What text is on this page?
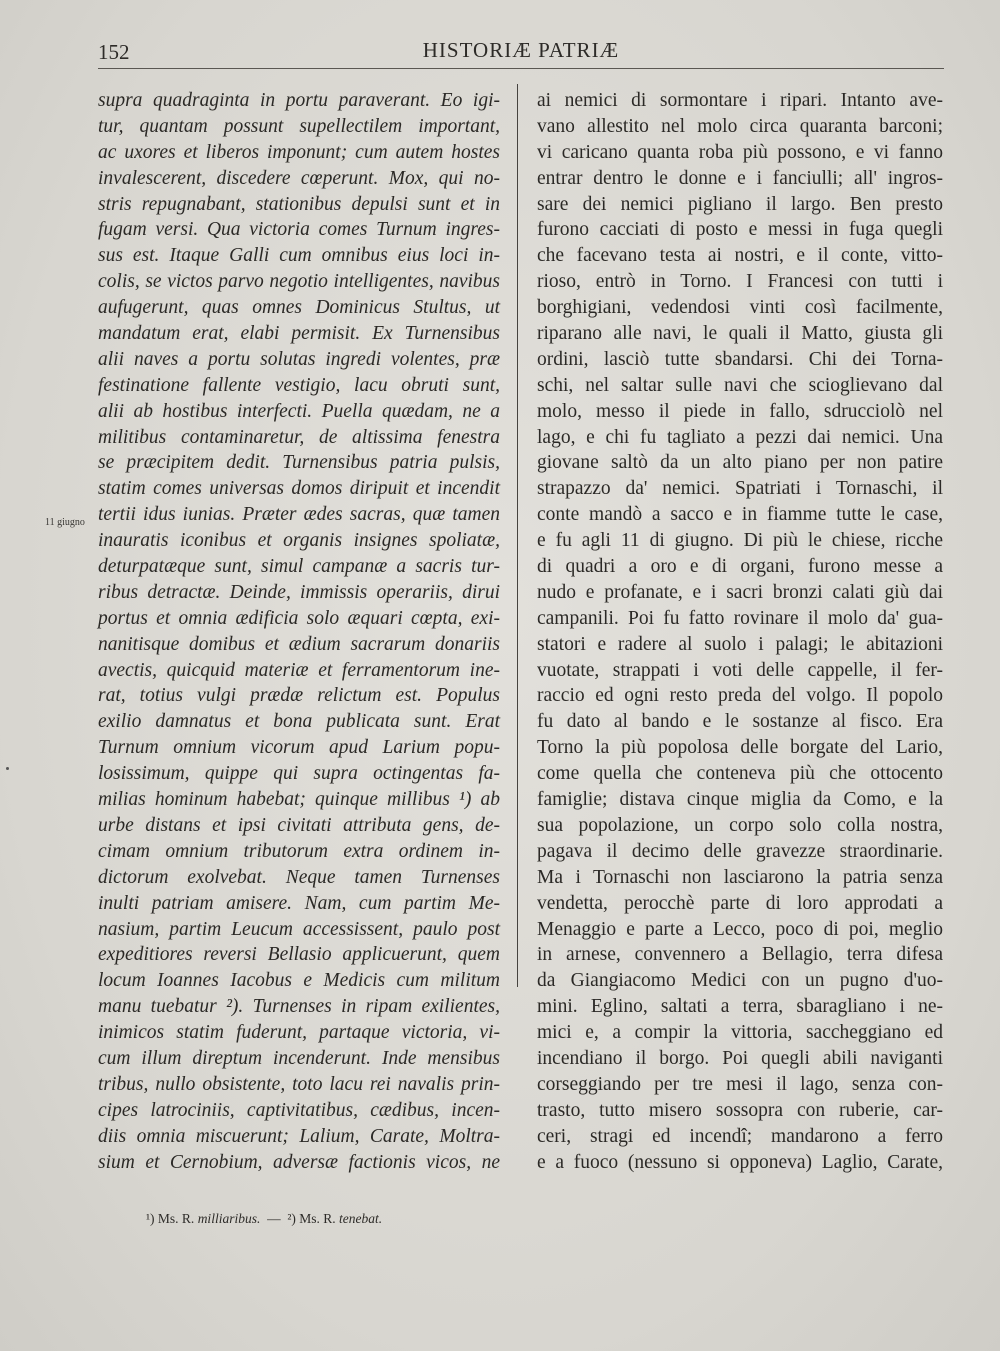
152	HISTORIÆ PATRIÆ
11 giugno
supra quadraginta in portu paraverant. Eo igi-
tur, quantam possunt supellectilem important,
ac uxores et liberos imponunt; cum autem hostes
invalescerent, discedere cœperunt. Mox, qui no-
stris repugnabant, stationibus depulsi sunt et in
fugam versi. Qua victoria comes Turnum ingres-
sus est. Itaque Galli cum omnibus eius loci in-
colis, se victos parvo negotio intelligentes, navibus
aufugerunt, quas omnes Dominicus Stultus, ut
mandatum erat, elabi permisit. Ex Turnensibus
alii naves a portu solutas ingredi volentes, præ
festinatione fallente vestigio, lacu obruti sunt,
alii ab hostibus interfecti. Puella quædam, ne a
militibus contaminaretur, de altissima fenestra
se præcipitem dedit. Turnensibus patria pulsis,
statim comes universas domos diripuit et incendit
tertii idus iunias. Præter ædes sacras, quæ tamen
inauratis iconibus et organis insignes spoliatæ,
deturpatæque sunt, simul campanæ a sacris tur-
ribus detractæ. Deinde, immissis operariis, dirui
portus et omnia ædificia solo æquari cœpta, exi-
nanitisque domibus et ædium sacrarum donariis
avectis, quicquid materiæ et ferramentorum ine-
rat, totius vulgi prædæ relictum est. Populus
exilio damnatus et bona publicata sunt. Erat
Turnum omnium vicorum apud Larium popu-
losissimum, quippe qui supra octingentas fa-
milias hominum habebat; quinque millibus ¹) ab
urbe distans et ipsi civitati attributa gens, de-
cimam omnium tributorum extra ordinem in-
dictorum exolvebat. Neque tamen Turnenses
inulti patriam amisere. Nam, cum partim Me-
nasium, partim Leucum accessissent, paulo post
expeditiores reversi Bellasio applicuerunt, quem
locum Ioannes Iacobus e Medicis cum militum
manu tuebatur ²). Turnenses in ripam exilientes,
inimicos statim fuderunt, partaque victoria, vi-
cum illum direptum incenderunt. Inde mensibus
tribus, nullo obsistente, toto lacu rei navalis prin-
cipes latrociniis, captivitatibus, cædibus, incen-
diis omnia miscuerunt; Lalium, Carate, Moltra-
sium et Cernobium, adversæ factionis vicos, ne
ai nemici di sormontare i ripari. Intanto ave-
vano allestito nel molo circa quaranta barconi;
vi caricano quanta roba più possono, e vi fanno
entrar dentro le donne e i fanciulli; all' ingros-
sare dei nemici pigliano il largo. Ben presto
furono cacciati di posto e messi in fuga quegli
che facevano testa ai nostri, e il conte, vitto-
rioso, entrò in Torno. I Francesi con tutti i
borghigiani, vedendosi vinti così facilmente,
riparano alle navi, le quali il Matto, giusta gli
ordini, lasciò tutte sbandarsi. Chi dei Torna-
schi, nel saltar sulle navi che scioglievano dal
molo, messo il piede in fallo, sdrucciolò nel
lago, e chi fu tagliato a pezzi dai nemici. Una
giovane saltò da un alto piano per non patire
strapazzo da' nemici. Spatriati i Tornaschi, il
conte mandò a sacco e in fiamme tutte le case,
e fu agli 11 di giugno. Di più le chiese, ricche
di quadri a oro e di organi, furono messe a
nudo e profanate, e i sacri bronzi calati giù dai
campanili. Poi fu fatto rovinare il molo da' gua-
statori e radere al suolo i palagi; le abitazioni
vuotate, strappati i voti delle cappelle, il fer-
raccio ed ogni resto preda del volgo. Il popolo
fu dato al bando e le sostanze al fisco. Era
Torno la più popolosa delle borgate del Lario,
come quella che conteneva più che ottocento
famiglie; distava cinque miglia da Como, e la
sua popolazione, un corpo solo colla nostra,
pagava il decimo delle gravezze straordinarie.
Ma i Tornaschi non lasciarono la patria senza
vendetta, perocchè parte di loro approdati a
Menaggio e parte a Lecco, poco di poi, meglio
in arnese, convennero a Bellagio, terra difesa
da Giangiacomo Medici con un pugno d'uo-
mini. Eglino, saltati a terra, sbaragliano i ne-
mici e, a compir la vittoria, saccheggiano ed
incendiano il borgo. Poi quegli abili naviganti
corseggiando per tre mesi il lago, senza con-
trasto, tutto misero sossopra con ruberie, car-
ceri, stragi ed incendî; mandarono a ferro
e a fuoco (nessuno si opponeva) Laglio, Carate,
¹) Ms. R. milliaribus. — ²) Ms. R. tenebat.
